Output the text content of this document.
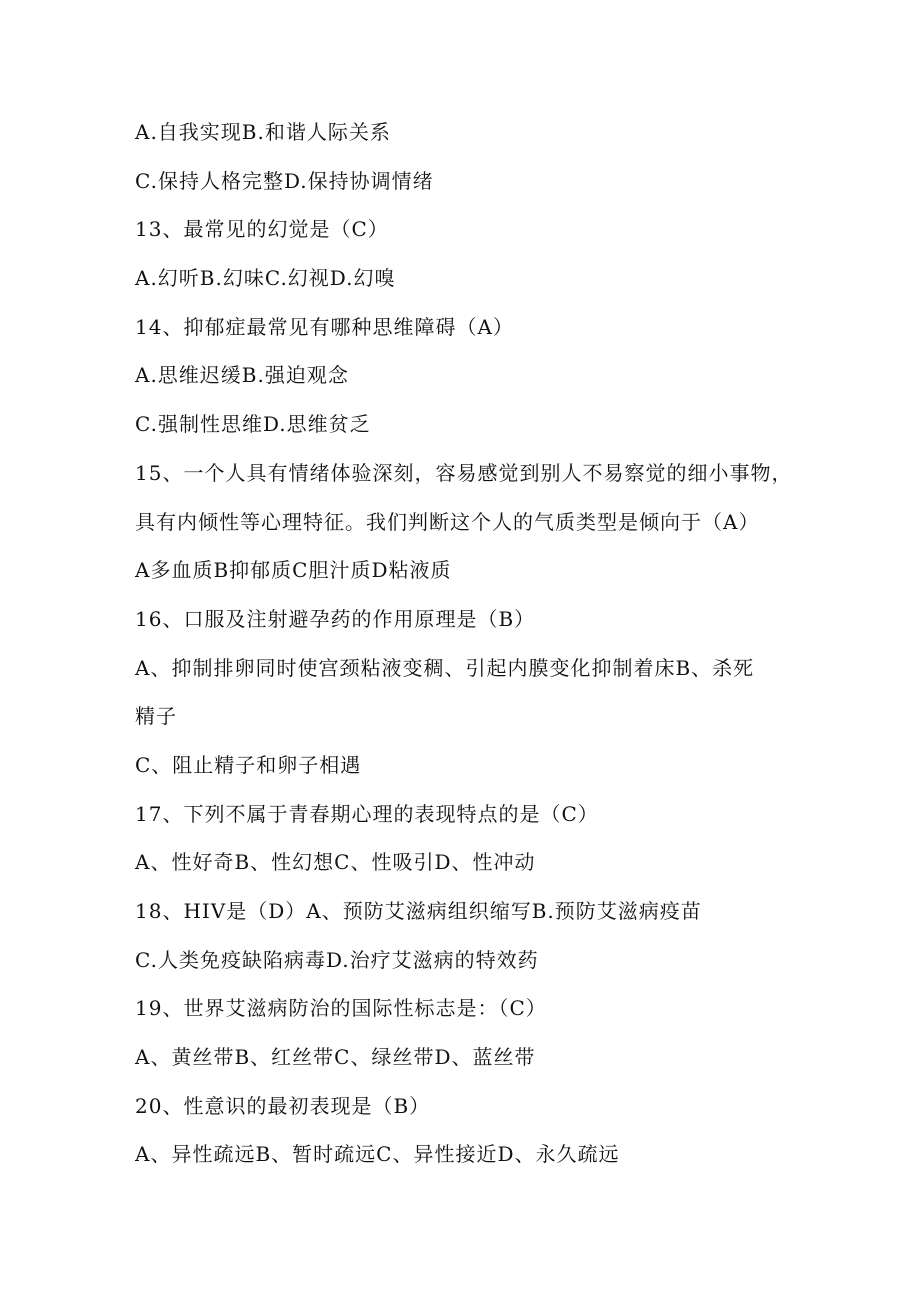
A.自我实现B.和谐人际关系
C.保持人格完整D.保持协调情绪
13、最常见的幻觉是（C）
A.幻听B.幻味C.幻视D.幻嗅
14、抑郁症最常见有哪种思维障碍（A）
A.思维迟缓B.强迫观念
C.强制性思维D.思维贫乏
15、一个人具有情绪体验深刻，容易感觉到别人不易察觉的细小事物，
具有内倾性等心理特征。我们判断这个人的气质类型是倾向于（A）
A多血质B抑郁质C胆汁质D粘液质
16、口服及注射避孕药的作用原理是（B）
A、抑制排卵同时使宫颈粘液变稠、引起内膜变化抑制着床B、杀死
精子
C、阻止精子和卵子相遇
17、下列不属于青春期心理的表现特点的是（C）
A、性好奇B、性幻想C、性吸引D、性冲动
18、HIV是（D）A、预防艾滋病组织缩写B.预防艾滋病疫苗
C.人类免疫缺陷病毒D.治疗艾滋病的特效药
19、世界艾滋病防治的国际性标志是：（C）
A、黄丝带B、红丝带C、绿丝带D、蓝丝带
20、性意识的最初表现是（B）
A、异性疏远B、暂时疏远C、异性接近D、永久疏远
